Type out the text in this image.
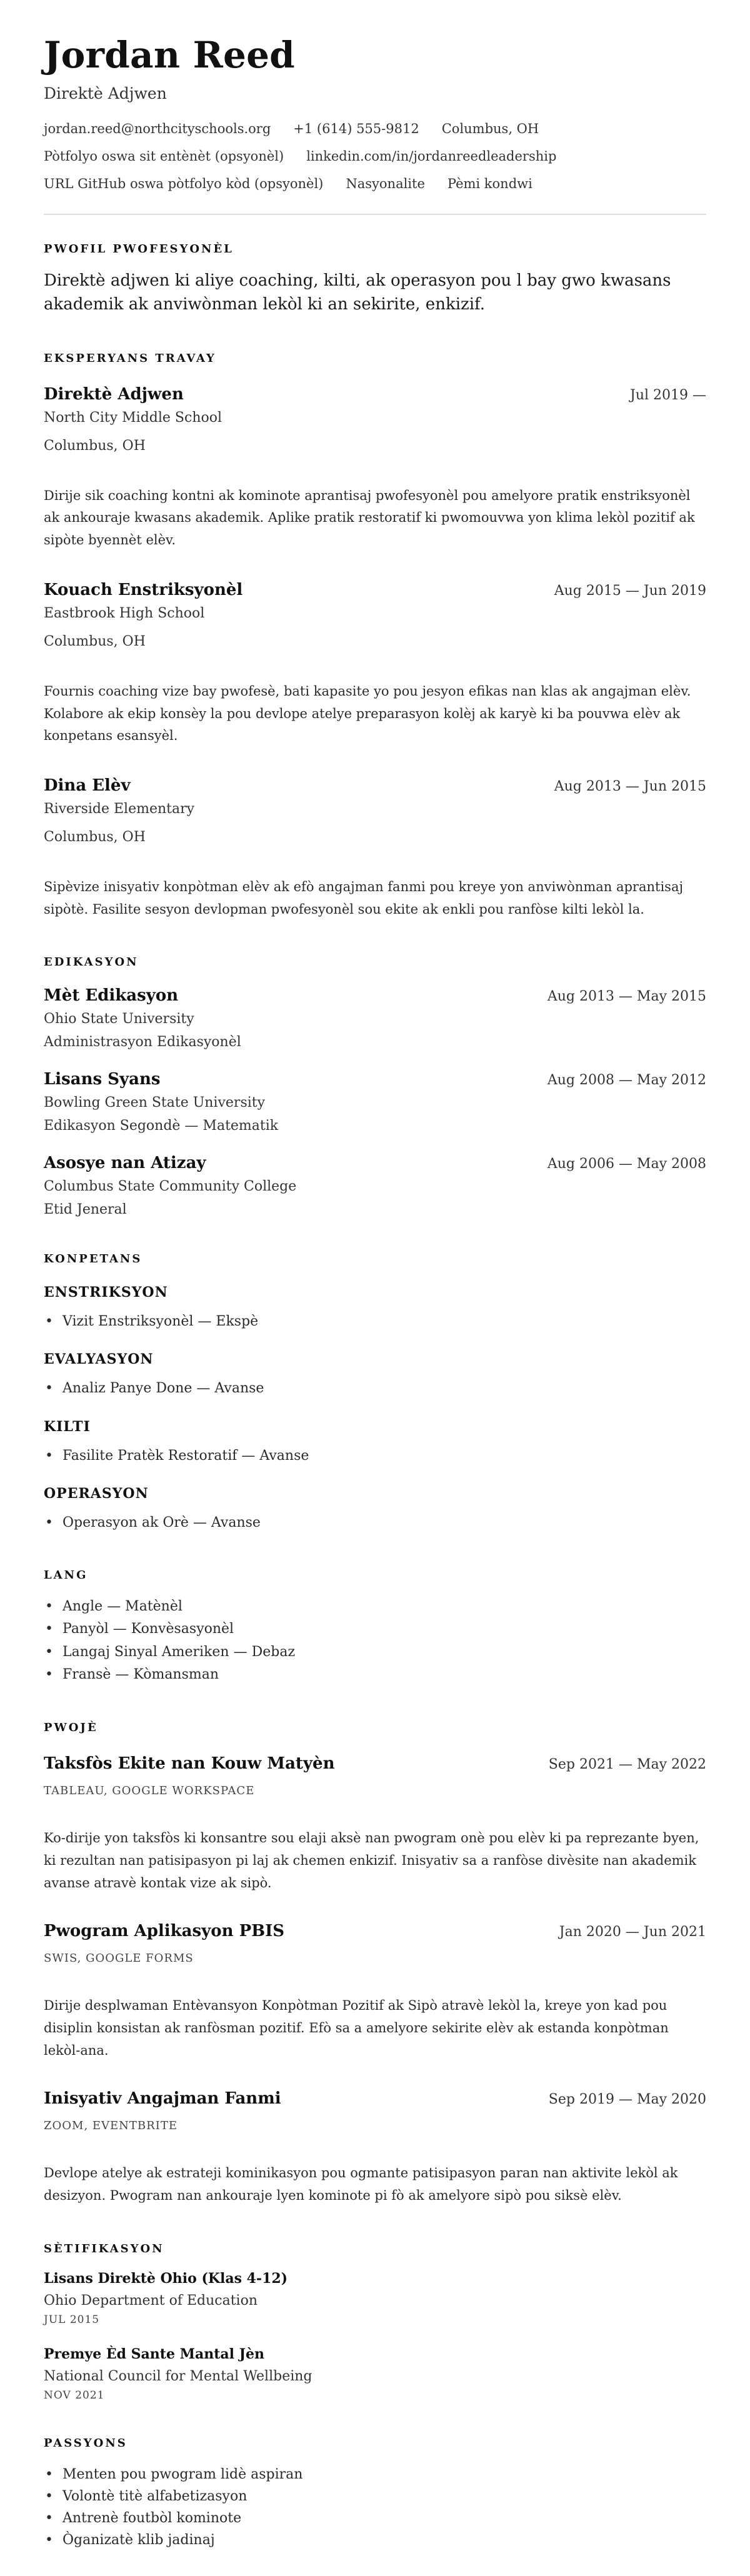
Jordan Reed
Direktè Adjwen
jordan.reed@northcityschools.org +1 (614) 555-9812 Columbus, OH
Pòtfolyo oswa sit entènèt (opsyonèl) linkedin.com/in/jordanreedleadership
URL GitHub oswa pòtfolyo kòd (opsyonèl) Nasyonalite Pèmi kondwi
PWOFIL PWOFESYONÈL
Direktè adjwen ki aliye coaching, kilti, ak operasyon pou l bay gwo kwasans akademik ak anviwònman lekòl ki an sekirite, enkizif.
EKSPERYANS TRAVAY
Direktè Adjwen	Jul 2019 —
North City Middle School
Columbus, OH
Dirije sik coaching kontni ak kominote aprantisaj pwofesyonèl pou amelyore pratik enstriksyonèl ak ankouraje kwasans akademik. Aplike pratik restoratif ki pwomouvwa yon klima lekòl pozitif ak sipòte byennèt elèv.
Kouach Enstriksyonèl	Aug 2015 — Jun 2019
Eastbrook High School
Columbus, OH
Fournis coaching vize bay pwofesè, bati kapasite yo pou jesyon efikas nan klas ak angajman elèv. Kolabore ak ekip konsèy la pou devlope atelye preparasyon kolèj ak karyè ki ba pouvwa elèv ak konpetans esansyèl.
Dina Elèv	Aug 2013 — Jun 2015
Riverside Elementary
Columbus, OH
Sipèvize inisyativ konpòtman elèv ak efò angajman fanmi pou kreye yon anviwònman aprantisaj sipòtè. Fasilite sesyon devlopman pwofesyonèl sou ekite ak enkli pou ranfòse kilti lekòl la.
EDIKASYON
Mèt Edikasyon	Aug 2013 — May 2015
Ohio State University
Administrasyon Edikasyonèl
Lisans Syans	Aug 2008 — May 2012
Bowling Green State University
Edikasyon Segondè — Matematik
Asosye nan Atizay	Aug 2006 — May 2008
Columbus State Community College
Etid Jeneral
KONPETANS
ENSTRIKSYON
• Vizit Enstriksyonèl — Ekspè
EVALYASYON
• Analiz Panye Done — Avanse
KILTI
• Fasilite Pratèk Restoratif — Avanse
OPERASYON
• Operasyon ak Orè — Avanse
LANG
• Angle — Matènèl
• Panyòl — Konvèsasyonèl
• Langaj Sinyal Ameriken — Debaz
• Fransè — Kòmansman
PWOJÈ
Taksfòs Ekite nan Kouw Matyèn	Sep 2021 — May 2022
TABLEAU, GOOGLE WORKSPACE
Ko-dirije yon taksfòs ki konsantre sou elaji aksè nan pwogram onè pou elèv ki pa reprezante byen, ki rezultan nan patisipasyon pi laj ak chemen enkizif. Inisyativ sa a ranfòse divèsite nan akademik avanse atravè kontak vize ak sipò.
Pwogram Aplikasyon PBIS	Jan 2020 — Jun 2021
SWIS, GOOGLE FORMS
Dirije desplwaman Entèvansyon Konpòtman Pozitif ak Sipò atravè lekòl la, kreye yon kad pou disiplin konsistan ak ranfòsman pozitif. Efò sa a amelyore sekirite elèv ak estanda konpòtman lekòl-ana.
Inisyativ Angajman Fanmi	Sep 2019 — May 2020
ZOOM, EVENTBRITE
Devlope atelye ak estrateji kominikasyon pou ogmante patisipasyon paran nan aktivite lekòl ak desizyon. Pwogram nan ankouraje lyen kominote pi fò ak amelyore sipò pou siksè elèv.
SÈTIFIKASYON
Lisans Direktè Ohio (Klas 4-12)
Ohio Department of Education
JUL 2015
Premye Èd Sante Mantal Jèn
National Council for Mental Wellbeing
NOV 2021
PASSYONS
• Menten pou pwogram lidè aspiran
• Volontè titè alfabetizasyon
• Antrenè foutbòl kominote
• Òganizatè klib jadinaj
